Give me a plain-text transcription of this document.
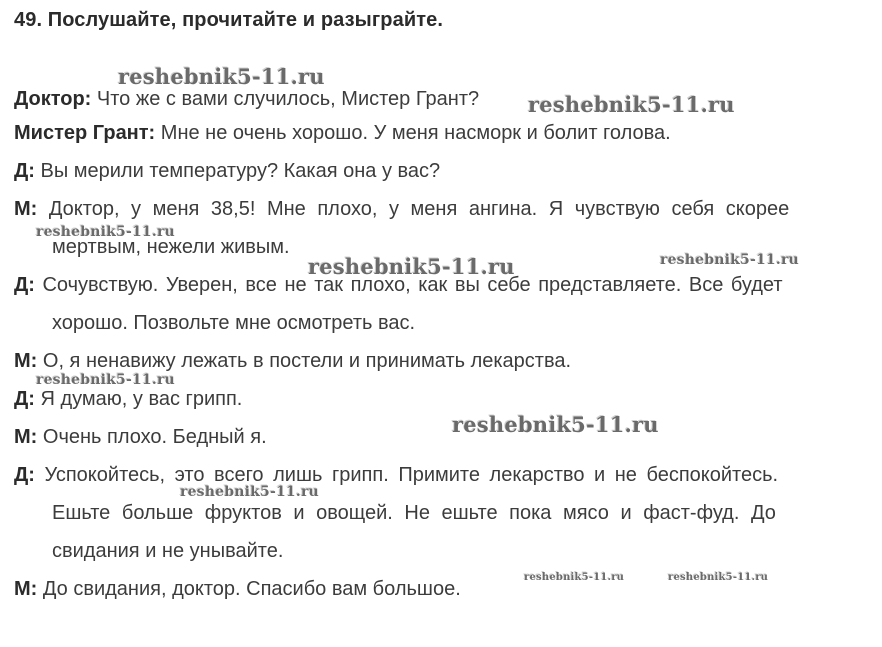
49. Послушайте, прочитайте и разыграйте.
Доктор: Что же с вами случилось, Мистер Грант?
Мистер Грант: Мне не очень хорошо. У меня насморк и болит голова.
Д: Вы мерили температуру? Какая она у вас?
М: Доктор, у меня 38,5! Мне плохо, у меня ангина. Я чувствую себя скорее
мертвым, нежели живым.
Д: Сочувствую. Уверен, все не так плохо, как вы себе представляете. Все будет
хорошо. Позвольте мне осмотреть вас.
М: О, я ненавижу лежать в постели и принимать лекарства.
Д: Я думаю, у вас грипп.
М: Очень плохо. Бедный я.
Д: Успокойтесь, это всего лишь грипп. Примите лекарство и не беспокойтесь.
Ешьте больше фруктов и овощей. Не ешьте пока мясо и фаст-фуд. До
свидания и не унывайте.
М: До свидания, доктор. Спасибо вам большое.
reshebnik5-11.ru
reshebnik5-11.ru
reshebnik5-11.ru
reshebnik5-11.ru	reshebnik5-11.ru
reshebnik5-11.ru
reshebnik5-11.ru
reshebnik5-11.ru
reshebnik5-11.ru	reshebnik5-11.ru
